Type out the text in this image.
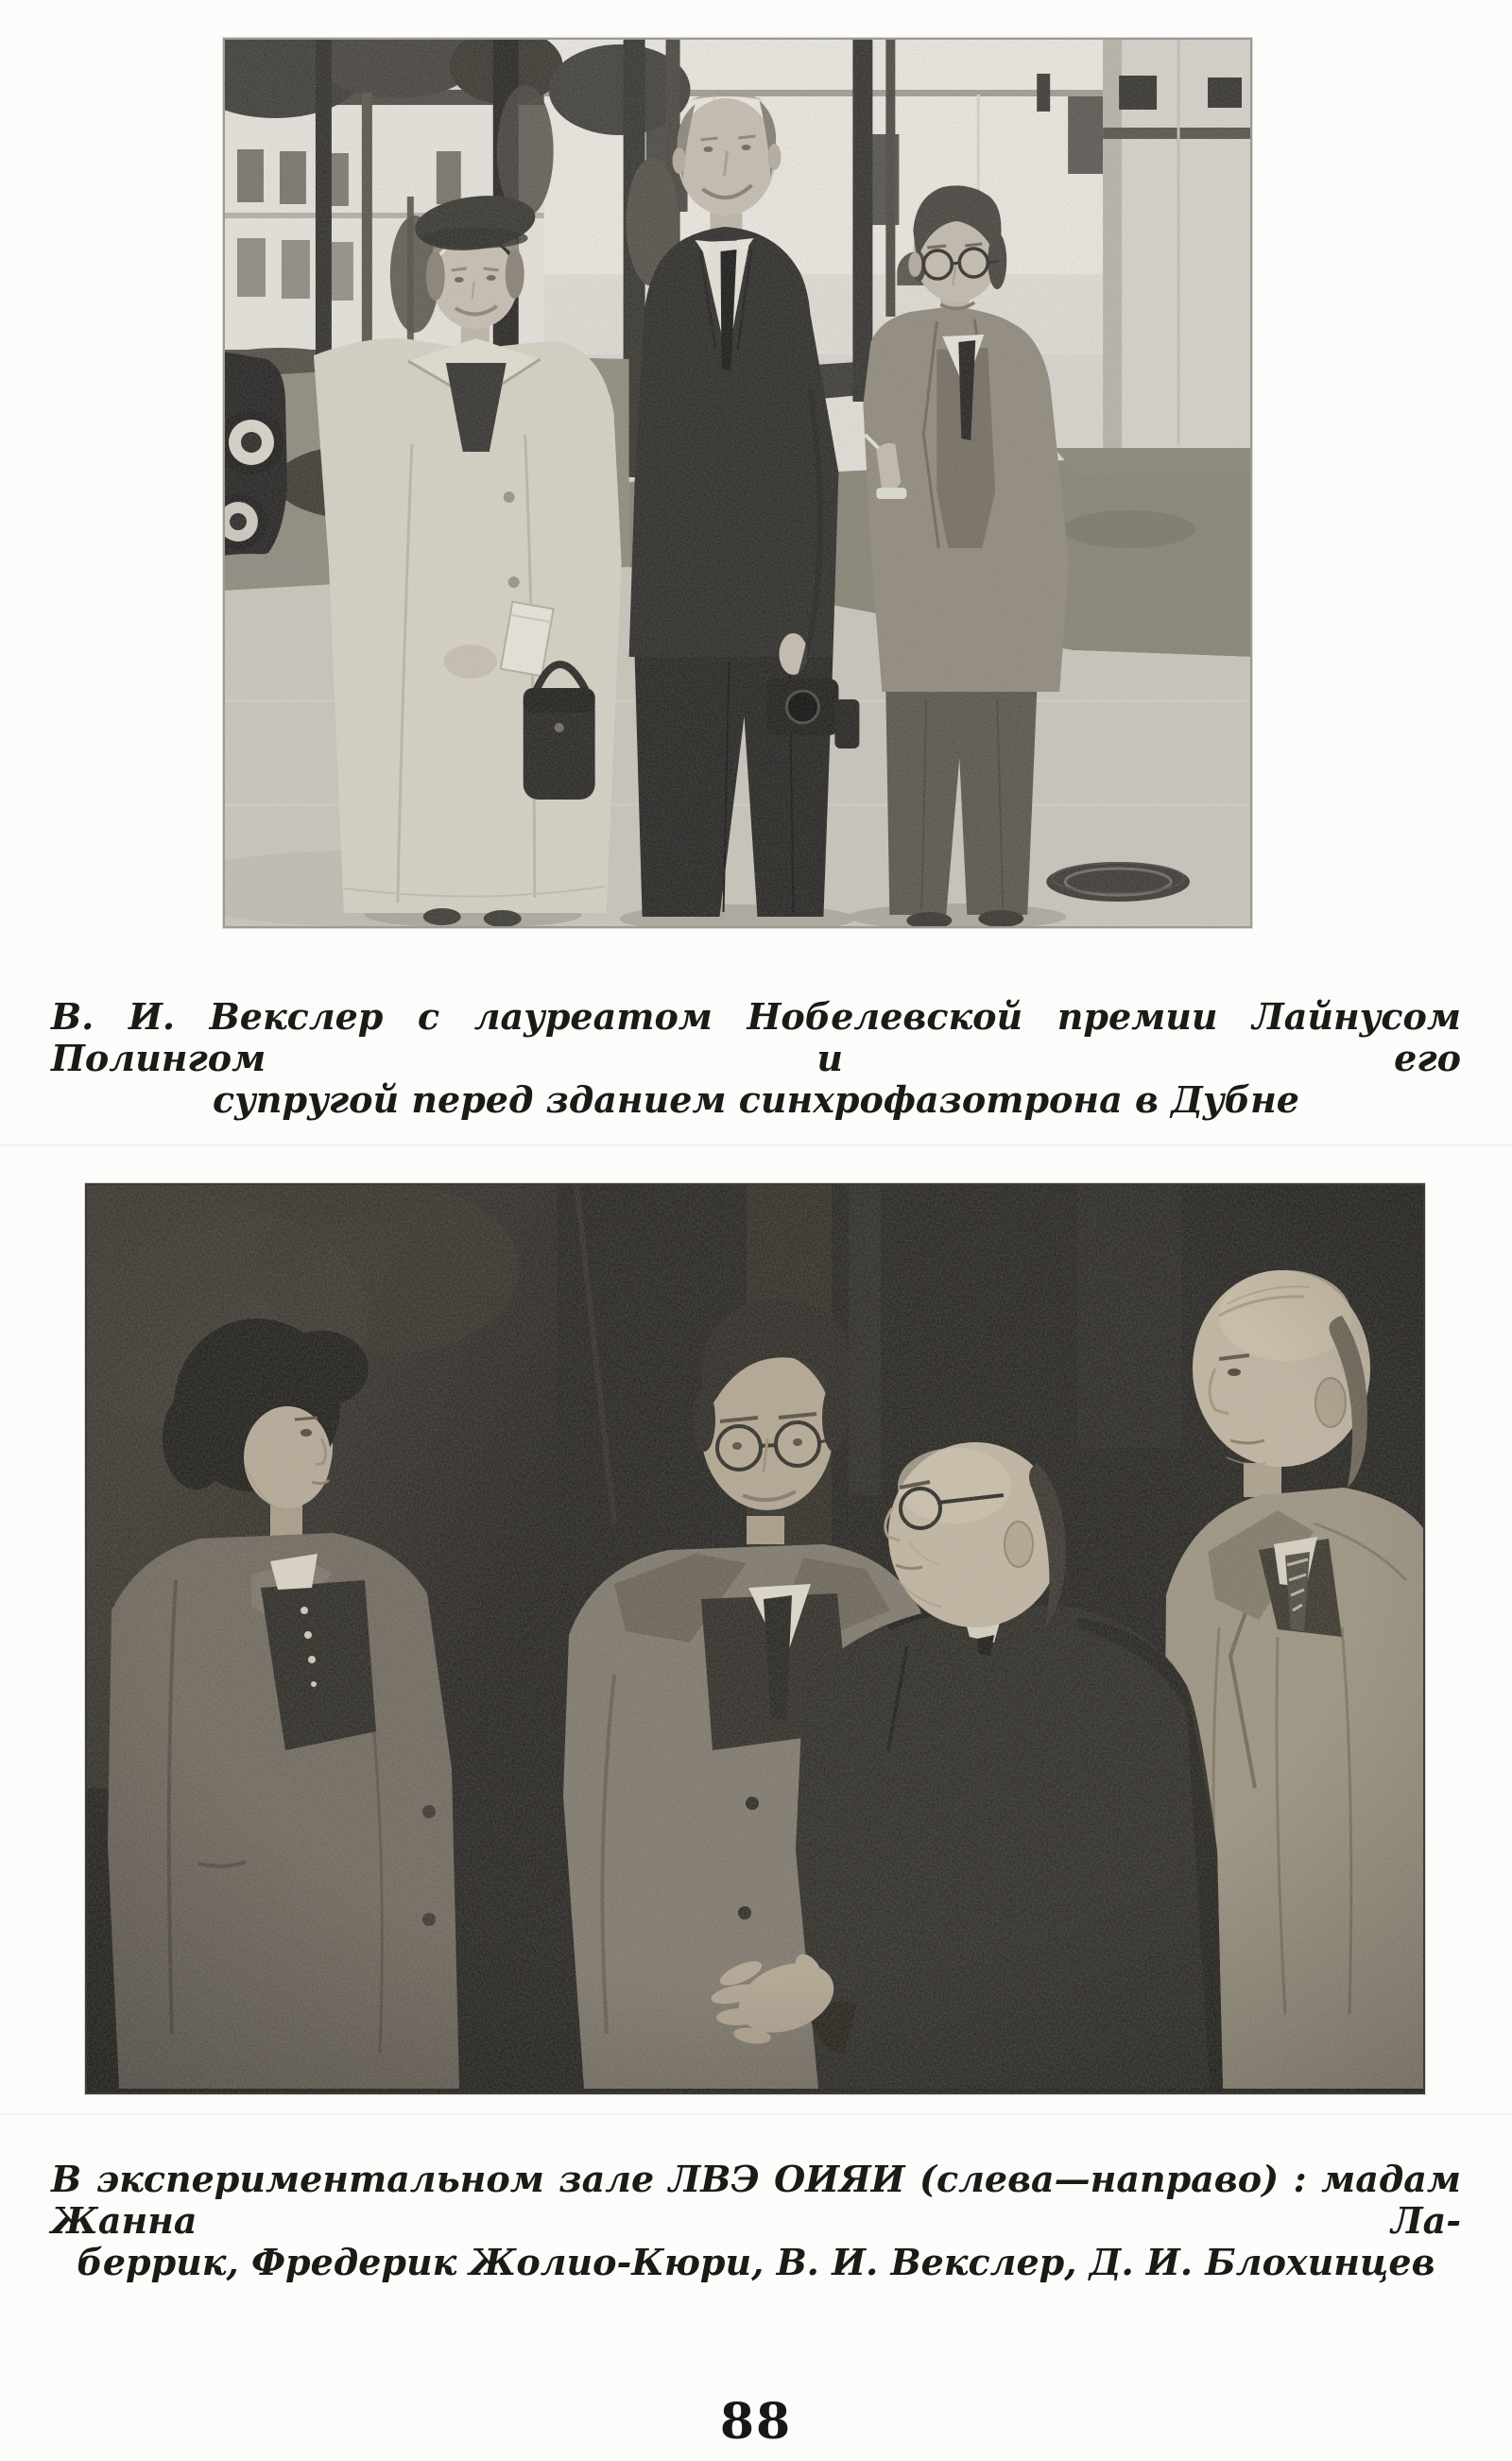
В. И. Векслер с лауреатом Нобелевской премии Лайнусом Полингом и его
супругой перед зданием синхрофазотрона в Дубне
В экспериментальном зале ЛВЭ ОИЯИ (слева—направо) : мадам Жанна Ла-
беррик, Фредерик Жолио-Кюри, В. И. Векслер, Д. И. Блохинцев
88
